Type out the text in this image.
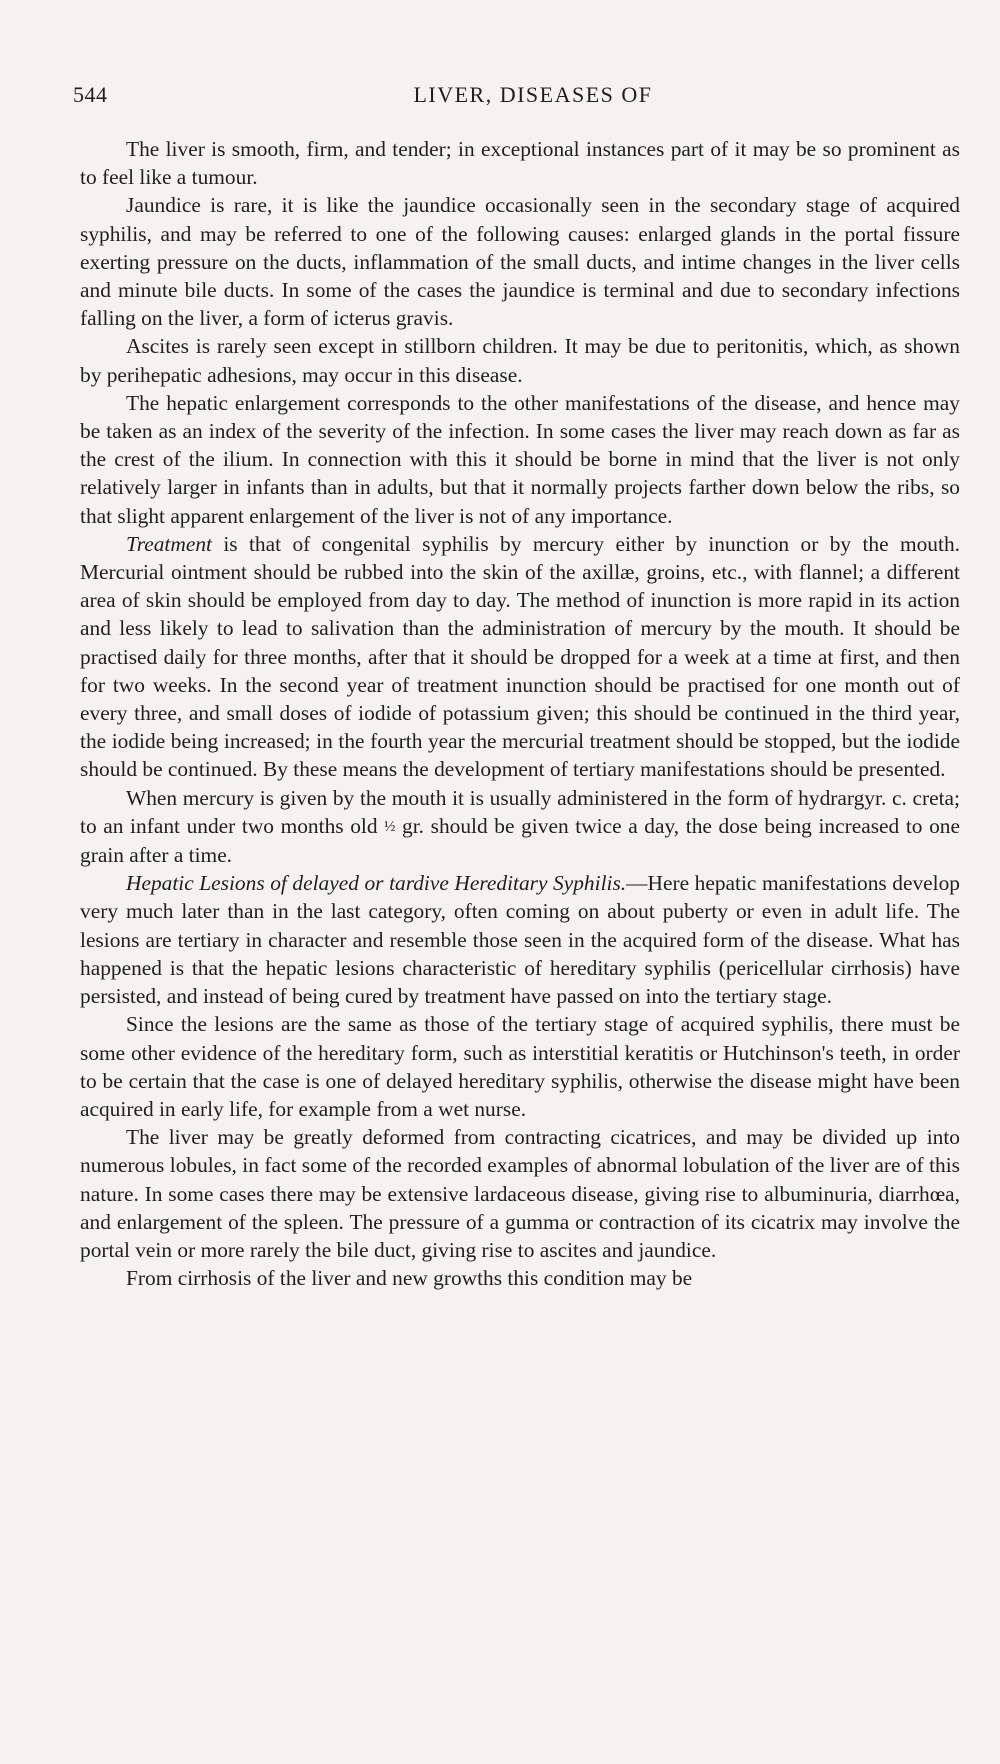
544	LIVER, DISEASES OF

The liver is smooth, firm, and tender; in exceptional instances part of it may be so prominent as to feel like a tumour.

Jaundice is rare, it is like the jaundice occasionally seen in the secondary stage of acquired syphilis, and may be referred to one of the following causes: enlarged glands in the portal fissure exerting pressure on the ducts, inflammation of the small ducts, and intime changes in the liver cells and minute bile ducts. In some of the cases the jaundice is terminal and due to secondary infections falling on the liver, a form of icterus gravis.

Ascites is rarely seen except in stillborn children. It may be due to peritonitis, which, as shown by perihepatic adhesions, may occur in this disease.

The hepatic enlargement corresponds to the other manifestations of the disease, and hence may be taken as an index of the severity of the infection. In some cases the liver may reach down as far as the crest of the ilium. In connection with this it should be borne in mind that the liver is not only relatively larger in infants than in adults, but that it normally projects farther down below the ribs, so that slight apparent enlargement of the liver is not of any importance.

Treatment is that of congenital syphilis by mercury either by inunction or by the mouth. Mercurial ointment should be rubbed into the skin of the axillæ, groins, etc., with flannel; a different area of skin should be employed from day to day. The method of inunction is more rapid in its action and less likely to lead to salivation than the administration of mercury by the mouth. It should be practised daily for three months, after that it should be dropped for a week at a time at first, and then for two weeks. In the second year of treatment inunction should be practised for one month out of every three, and small doses of iodide of potassium given; this should be continued in the third year, the iodide being increased; in the fourth year the mercurial treatment should be stopped, but the iodide should be continued. By these means the development of tertiary manifestations should be presented.

When mercury is given by the mouth it is usually administered in the form of hydrargyr. c. creta; to an infant under two months old ½ gr. should be given twice a day, the dose being increased to one grain after a time.

Hepatic Lesions of delayed or tardive Hereditary Syphilis.—Here hepatic manifestations develop very much later than in the last category, often coming on about puberty or even in adult life. The lesions are tertiary in character and resemble those seen in the acquired form of the disease. What has happened is that the hepatic lesions characteristic of hereditary syphilis (pericellular cirrhosis) have persisted, and instead of being cured by treatment have passed on into the tertiary stage.

Since the lesions are the same as those of the tertiary stage of acquired syphilis, there must be some other evidence of the hereditary form, such as interstitial keratitis or Hutchinson's teeth, in order to be certain that the case is one of delayed hereditary syphilis, otherwise the disease might have been acquired in early life, for example from a wet nurse.

The liver may be greatly deformed from contracting cicatrices, and may be divided up into numerous lobules, in fact some of the recorded examples of abnormal lobulation of the liver are of this nature. In some cases there may be extensive lardaceous disease, giving rise to albuminuria, diarrhœa, and enlargement of the spleen. The pressure of a gumma or contraction of its cicatrix may involve the portal vein or more rarely the bile duct, giving rise to ascites and jaundice.

From cirrhosis of the liver and new growths this condition may be
